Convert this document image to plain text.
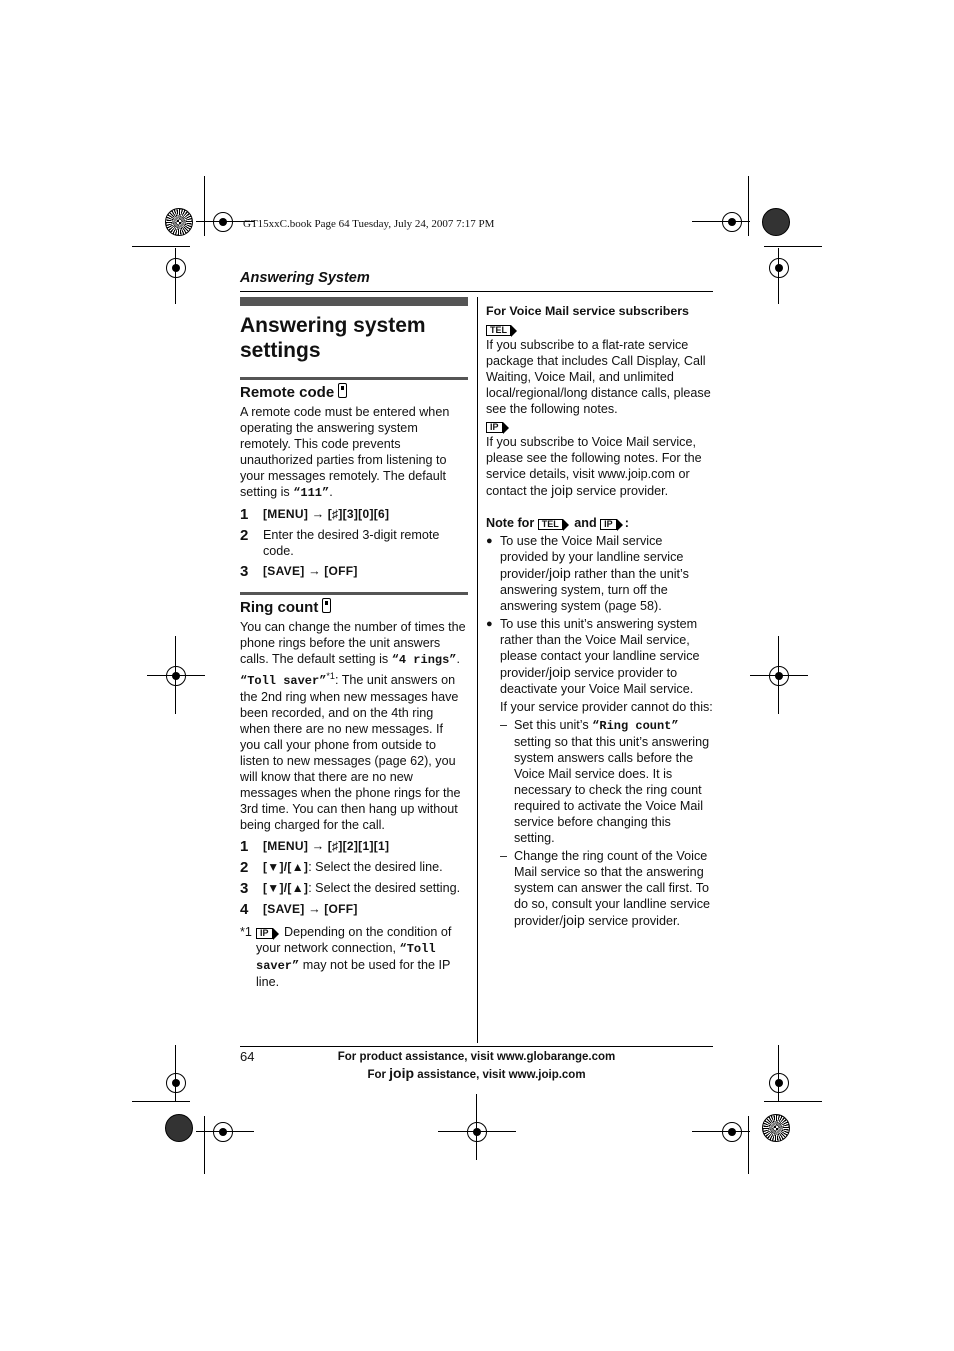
GT15xxC.book Page 64 Tuesday, July 24, 2007 7:17 PM
Answering System
Answering system settings
Remote code

A remote code must be entered when operating the answering system remotely. This code prevents unauthorized parties from listening to your messages remotely. The default setting is “111”.

1	[MENU] → [♯][3][0][6]
2	Enter the desired 3-digit remote code.
3	[SAVE] → [OFF]
Ring count

You can change the number of times the phone rings before the unit answers calls. The default setting is “4 rings”. “Toll saver”$^{*1}$: The unit answers on the 2nd ring when new messages have been recorded, and on the 4th ring when there are no new messages. If you call your phone from outside to listen to new messages (page 62), you will know that there are no new messages when the phone rings for the 3rd time. You can then hang up without being charged for the call.

1	[MENU] → [♯][2][1][1]
2	[▼]/[▲]: Select the desired line.
3	[▼]/[▲]: Select the desired setting.
4	[SAVE] → [OFF]
*1 IP Depending on the condition of your network connection, “Toll saver” may not be used for the IP line.

For Voice Mail service subscribers

TEL

If you subscribe to a flat-rate service package that includes Call Display, Call Waiting, Voice Mail, and unlimited local/regional/long distance calls, please see the following notes.

IP

If you subscribe to Voice Mail service, please see the following notes. For the service details, visit www.joip.com or contact the joip service provider.

Note for TEL and IP :

● To use the Voice Mail service provided by your landline service provider/joip rather than the unit’s answering system, turn off the answering system (page 58).
● To use this unit’s answering system rather than the Voice Mail service, please contact your landline service provider/joip service provider to deactivate your Voice Mail service.

If your service provider cannot do this:

– Set this unit’s “Ring count” setting so that this unit’s answering system answers calls before the Voice Mail service does. It is necessary to check the ring count required to activate the Voice Mail service before changing this setting.
– Change the ring count of the Voice Mail service so that the answering system can answer the call first. To do so, consult your landline service provider/joip service provider.
64	For product assistance, visit www.globarange.com
For joip assistance, visit www.joip.com
